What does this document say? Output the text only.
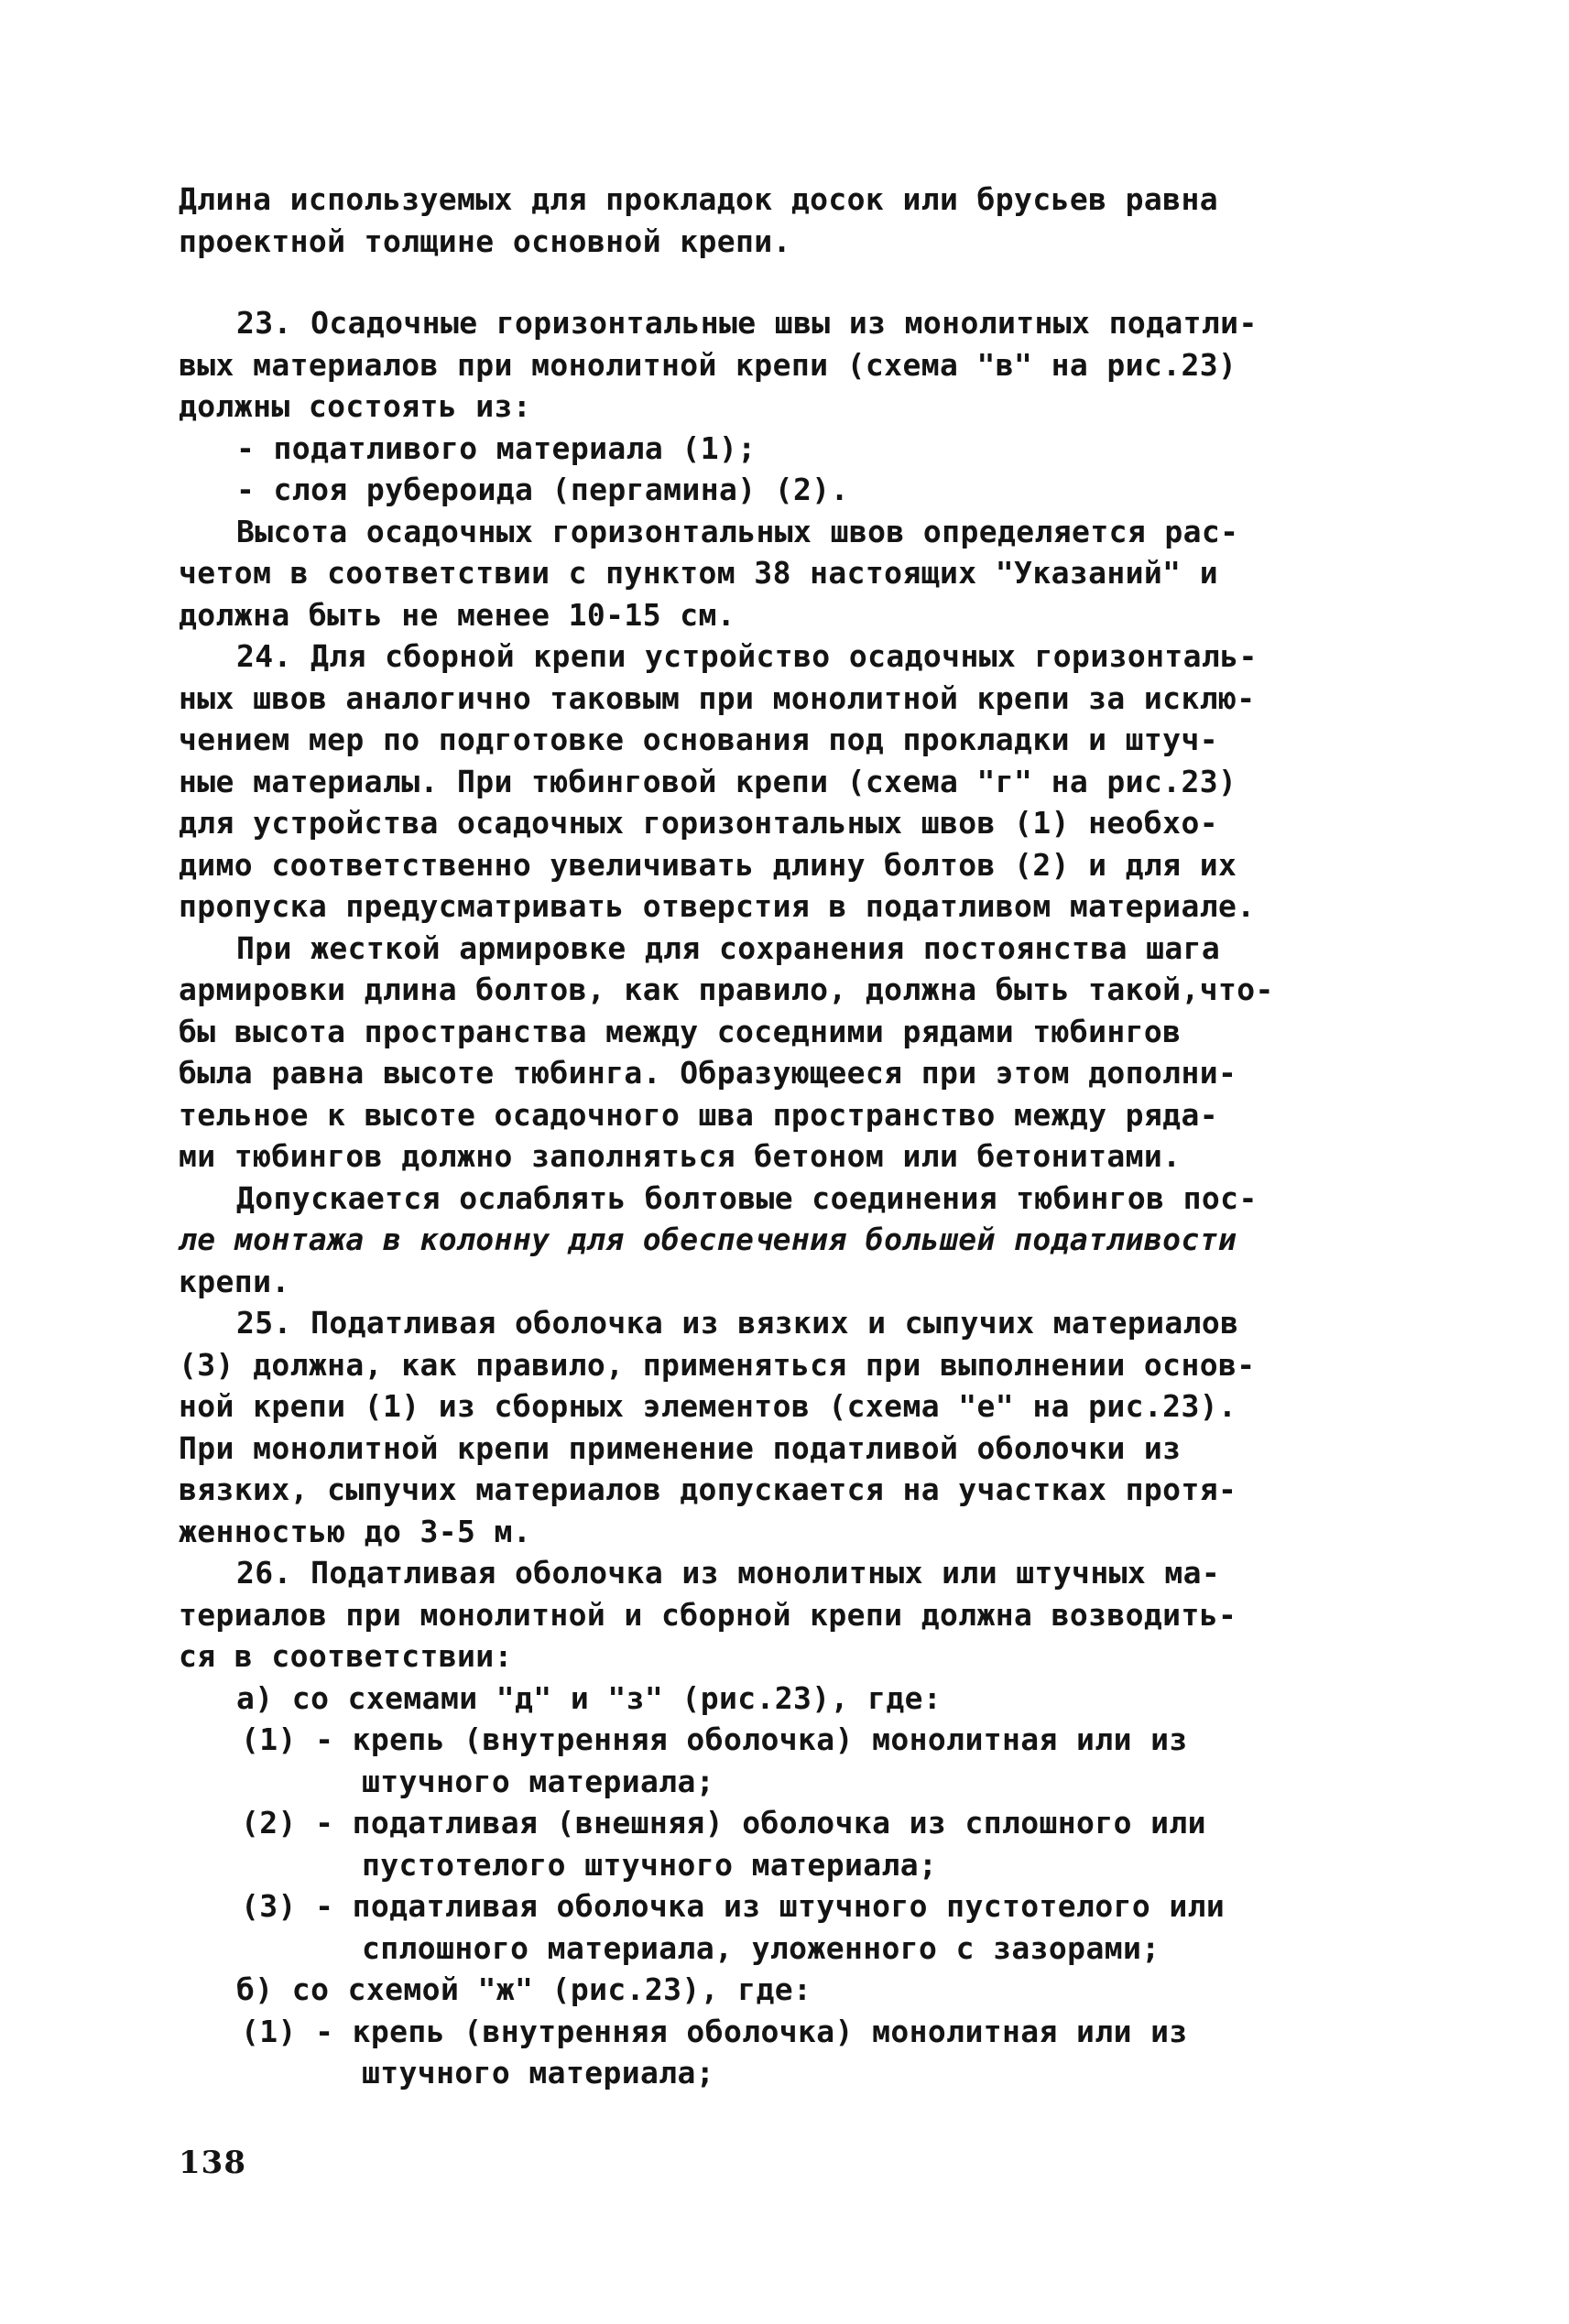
Длина используемых для прокладок досок или брусьев равна
проектной толщине основной крепи.
23. Осадочные горизонтальные швы из монолитных податли-
вых материалов при монолитной крепи (схема "в" на рис.23)
должны состоять из:
- податливого материала (1);
- слоя рубероида (пергамина) (2).
Высота осадочных горизонтальных швов определяется рас-
четом в соответствии с пунктом 38 настоящих "Указаний" и
должна быть не менее 10-15 см.
24. Для сборной крепи устройство осадочных горизонталь-
ных швов аналогично таковым при монолитной крепи за исклю-
чением мер по подготовке основания под прокладки и штуч-
ные материалы. При тюбинговой крепи (схема "г" на рис.23)
для устройства осадочных горизонтальных швов (1) необхо-
димо соответственно увеличивать длину болтов (2) и для их
пропуска предусматривать отверстия в податливом материале.
При жесткой армировке для сохранения постоянства шага
армировки длина болтов, как правило, должна быть такой,что-
бы высота пространства между соседними рядами тюбингов
была равна высоте тюбинга. Образующееся при этом дополни-
тельное к высоте осадочного шва пространство между ряда-
ми тюбингов должно заполняться бетоном или бетонитами.
Допускается ослаблять болтовые соединения тюбингов пос-
ле монтажа в колонну для обеспечения большей податливости
крепи.
25. Податливая оболочка из вязких и сыпучих материалов
(3) должна, как правило, применяться при выполнении основ-
ной крепи (1) из сборных элементов (схема "е" на рис.23).
При монолитной крепи применение податливой оболочки из
вязких, сыпучих материалов допускается на участках протя-
женностью до 3-5 м.
26. Податливая оболочка из монолитных или штучных ма-
териалов при монолитной и сборной крепи должна возводить-
ся в соответствии:
а) со схемами "д" и "з" (рис.23), где:
(1) - крепь (внутренняя оболочка) монолитная или из
штучного материала;
(2) - податливая (внешняя) оболочка из сплошного или
пустотелого штучного материала;
(3) - податливая оболочка из штучного пустотелого или
сплошного материала, уложенного с зазорами;
б) со схемой "ж" (рис.23), где:
(1) - крепь (внутренняя оболочка) монолитная или из
штучного материала;
138
